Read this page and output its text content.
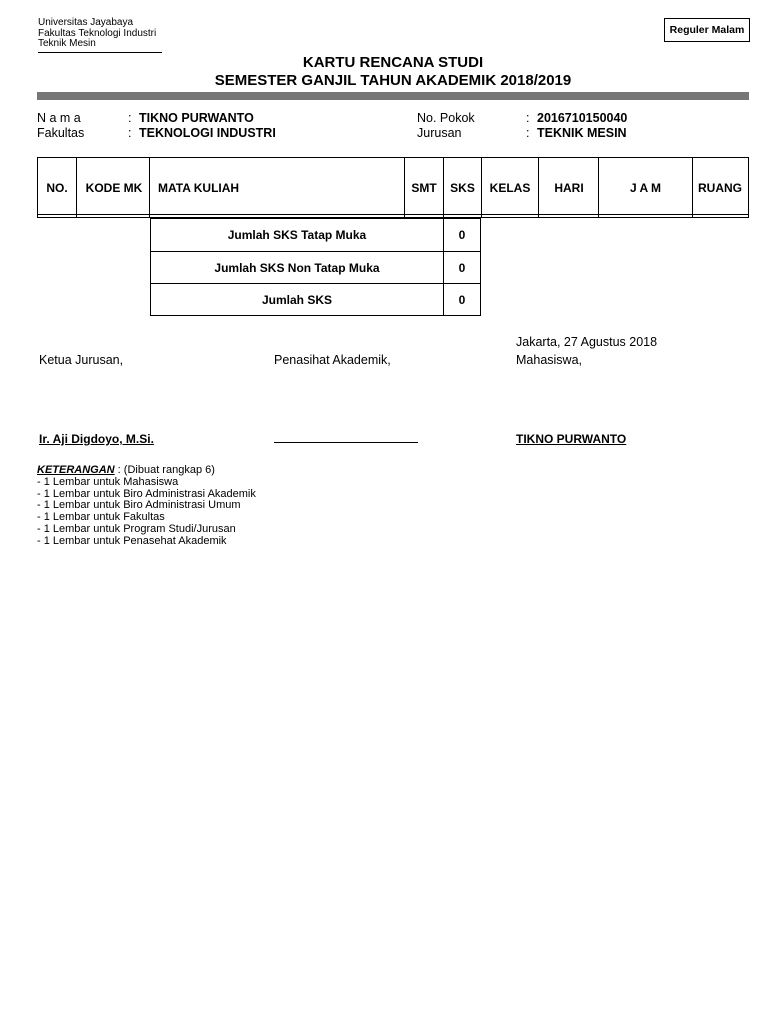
Universitas Jayabaya
Fakultas Teknologi Industri
Teknik Mesin
Reguler Malam
KARTU RENCANA STUDI
SEMESTER GANJIL TAHUN AKADEMIK 2018/2019
N a m a	: TIKNO PURWANTO
Fakultas	: TEKNOLOGI INDUSTRI
No. Pokok	: 2016710150040
Jurusan	: TEKNIK MESIN
NO.	KODE MK	MATA KULIAH	SMT	SKS	KELAS	HARI	J A M	RUANG
Jumlah SKS Tatap Muka	0
Jumlah SKS Non Tatap Muka	0
Jumlah SKS	0
Jakarta, 27 Agustus 2018
Ketua Jurusan,	Penasihat Akademik,	Mahasiswa,
Ir. Aji Digdoyo, M.Si.	TIKNO PURWANTO
KETERANGAN : (Dibuat rangkap 6)
- 1 Lembar untuk Mahasiswa
- 1 Lembar untuk Biro Administrasi Akademik
- 1 Lembar untuk Biro Administrasi Umum
- 1 Lembar untuk Fakultas
- 1 Lembar untuk Program Studi/Jurusan
- 1 Lembar untuk Penasehat Akademik
